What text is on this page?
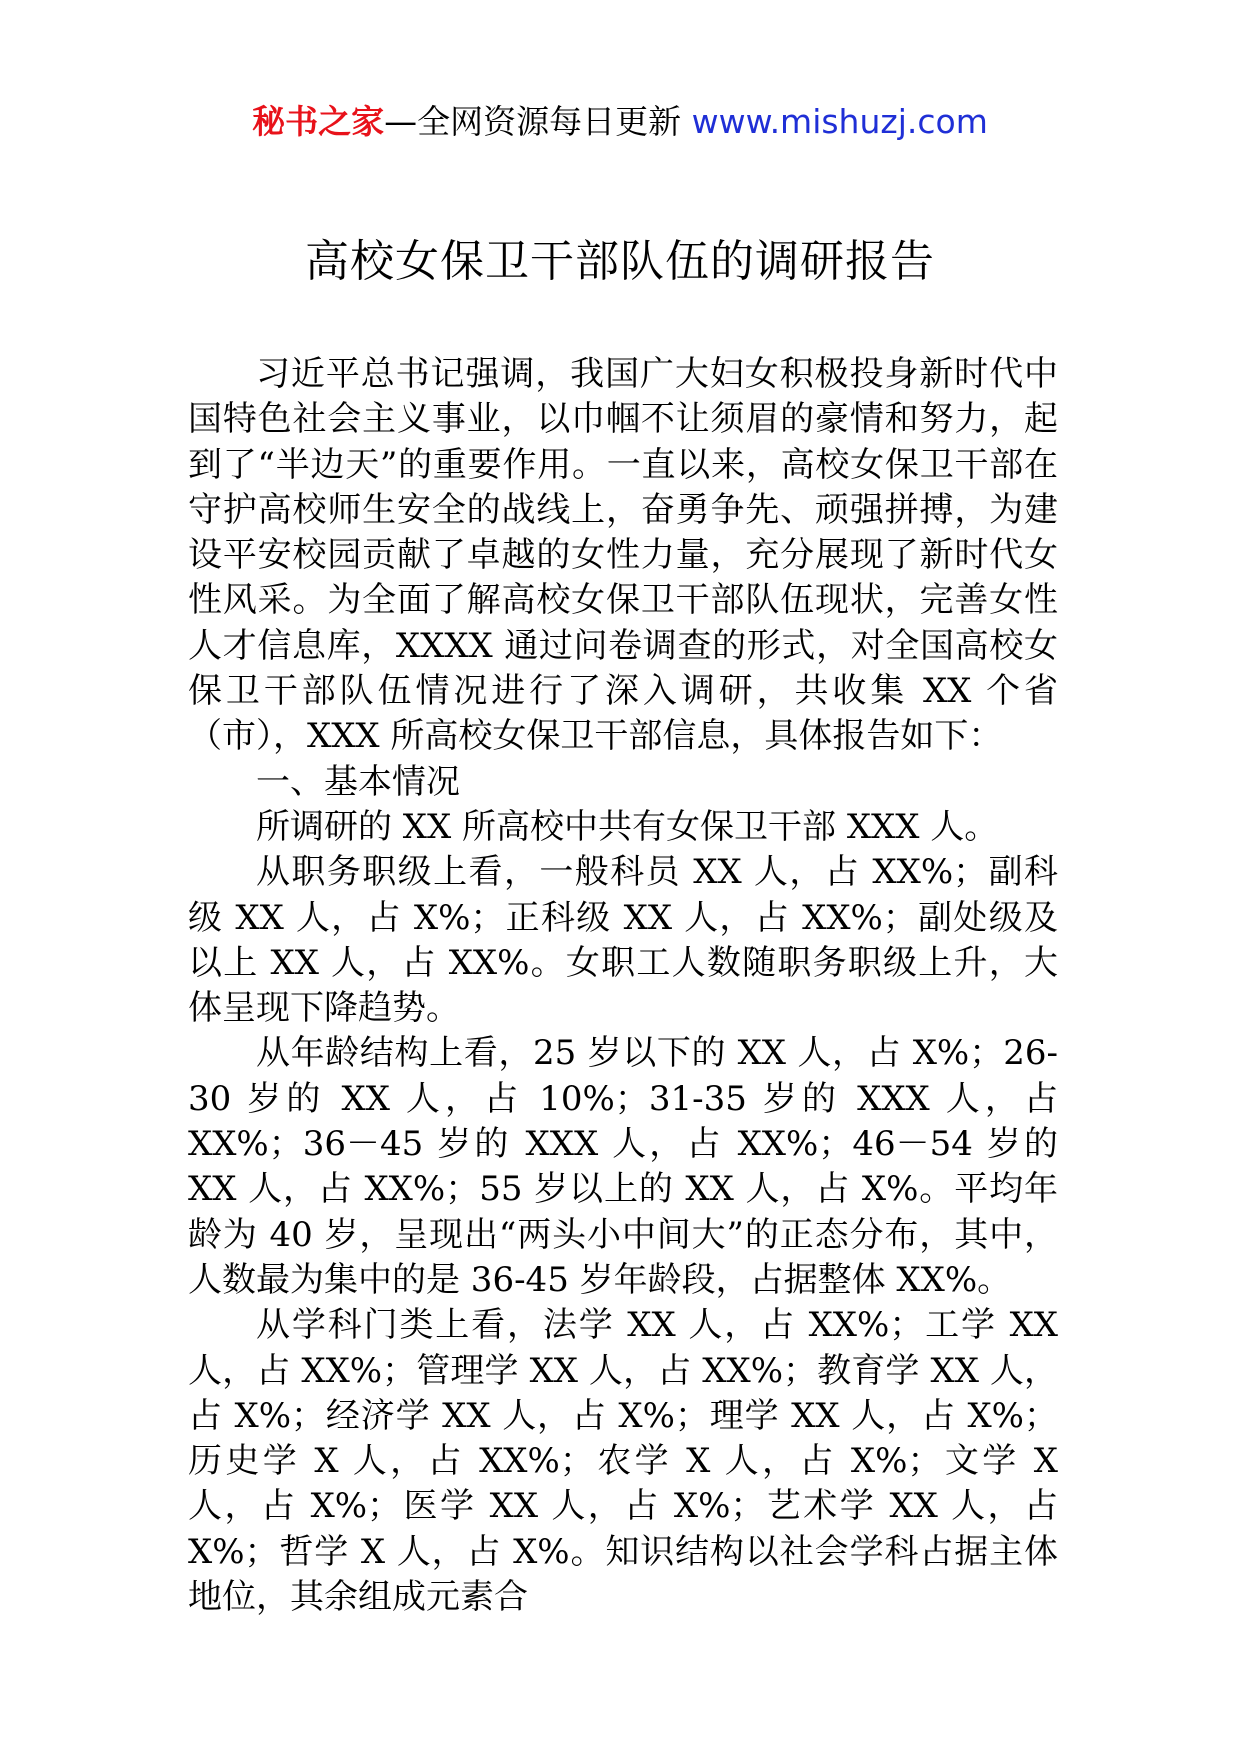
秘书之家—全网资源每日更新 www.mishuzj.com
高校女保卫干部队伍的调研报告

习近平总书记强调，我国广大妇女积极投身新时代中国特色社会主义事业，以巾帼不让须眉的豪情和努力，起到了“半边天”的重要作用。一直以来，高校女保卫干部在守护高校师生安全的战线上，奋勇争先、顽强拼搏，为建设平安校园贡献了卓越的女性力量，充分展现了新时代女性风采。为全面了解高校女保卫干部队伍现状，完善女性人才信息库，XXXX 通过问卷调查的形式，对全国高校女保卫干部队伍情况进行了深入调研，共收集 XX 个省（市），XXX 所高校女保卫干部信息，具体报告如下：

一、基本情况

所调研的 XX 所高校中共有女保卫干部 XXX 人。

从职务职级上看，一般科员 XX 人，占 XX%；副科级 XX 人，占 X%；正科级 XX 人，占 XX%；副处级及以上 XX 人，占 XX%。女职工人数随职务职级上升，大体呈现下降趋势。

从年龄结构上看，25 岁以下的 XX 人，占 X%；26-30 岁的 XX 人，占 10%；31-35 岁的 XXX 人，占 XX%；36－45 岁的 XXX 人，占 XX%；46－54 岁的 XX 人，占 XX%；55 岁以上的 XX 人，占 X%。平均年龄为 40 岁，呈现出“两头小中间大”的正态分布，其中，人数最为集中的是 36-45 岁年龄段，占据整体 XX%。

从学科门类上看，法学 XX 人，占 XX%；工学 XX 人，占 XX%；管理学 XX 人，占 XX%；教育学 XX 人，占 X%；经济学 XX 人，占 X%；理学 XX 人，占 X%；历史学 X 人，占 XX%；农学 X 人，占 X%；文学 X 人，占 X%；医学 XX 人，占 X%；艺术学 XX 人，占 X%；哲学 X 人，占 X%。知识结构以社会学科占据主体地位，其余组成元素合
